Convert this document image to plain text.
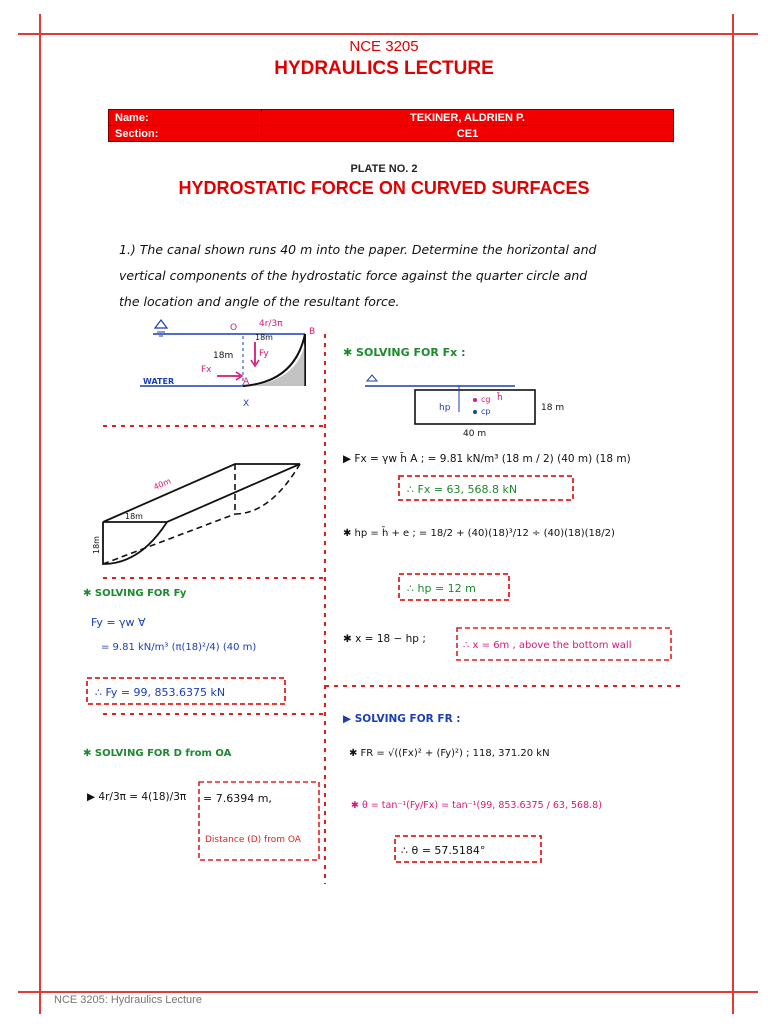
NCE 3205
HYDRAULICS LECTURE
Name:	TEKINER, ALDRIEN P.
Section:	CE1
PLATE NO. 2
HYDROSTATIC FORCE ON CURVED SURFACES
1.) The canal shown runs 40 m into the paper. Determine the horizontal and
vertical components of the hydrostatic force against the quarter circle and
the location and angle of the resultant force.
WATER
O	B
A
X
4r/3π
18m
18m
Fy
Fx
40m
18m
18m
✱ SOLVING FOR Fx :
cg
cp
hp
h̄
18 m
40 m
▶ Fx = γw h̄ A ; = 9.81 kN/m³ (18 m / 2) (40 m) (18 m)
∴ Fx = 63, 568.8 kN
✱ hp = h̄ + e ; = 18/2 + (40)(18)³/12 ÷ (40)(18)(18/2)
∴ hp = 12 m
✱ x = 18 − hp ;
∴ x = 6m , above the bottom wall
✱ SOLVING FOR Fy
Fy = γw ∀
= 9.81 kN/m³ (π(18)²/4) (40 m)
∴ Fy = 99, 853.6375 kN
✱ SOLVING FOR D from OA
▶ 4r/3π = 4(18)/3π = 7.6394 m,
Distance (D) from OA
▶ SOLVING FOR FR :
✱ FR = √((Fx)² + (Fy)²) ; 118, 371.20 kN
✱ θ = tan⁻¹(Fy/Fx) = tan⁻¹(99, 853.6375 / 63, 568.8)
∴ θ = 57.5184°
NCE 3205: Hydraulics Lecture
